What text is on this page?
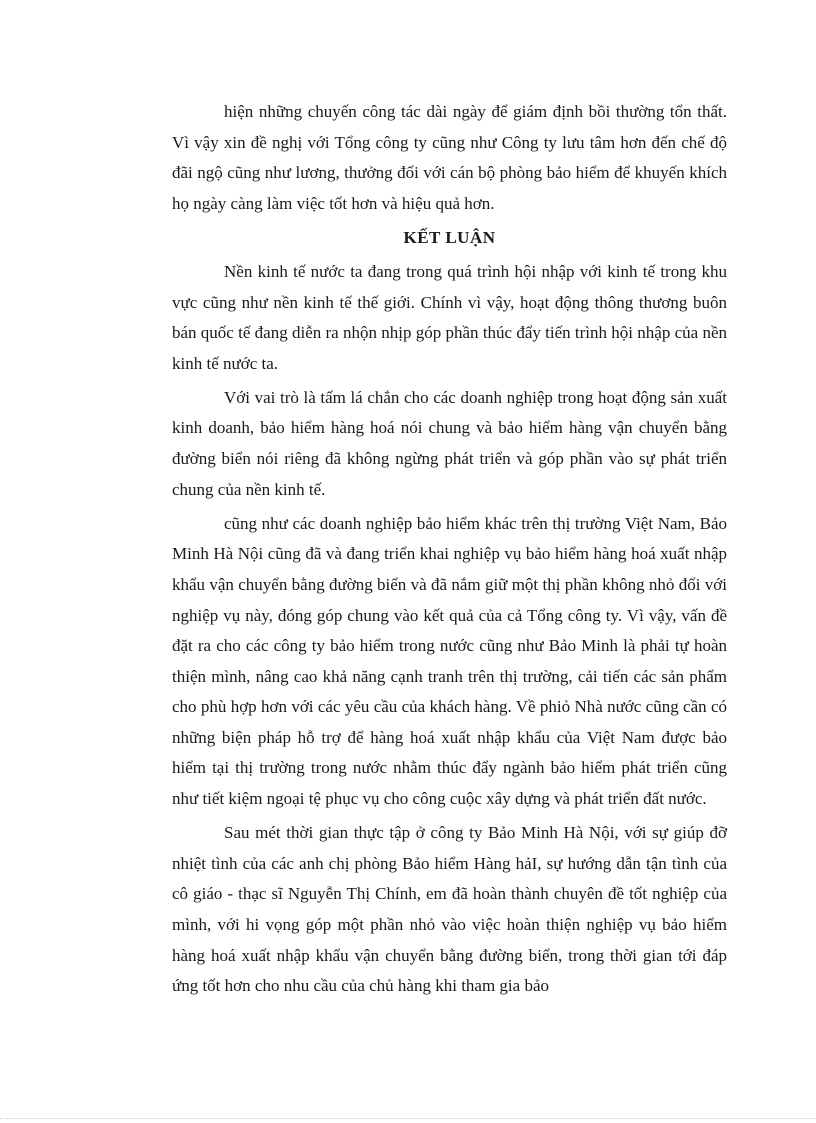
hiện những chuyến công tác dài ngày để giám định bồi thường tổn thất. Vì vậy xin đề nghị với Tổng công ty cũng như Công ty lưu tâm hơn đến chế độ đãi ngộ cũng như lương, thưởng đối với cán bộ phòng bảo hiểm để khuyến khích họ ngày càng làm việc tốt hơn và hiệu quả hơn.

KẾT LUẬN

Nền kinh tế nước ta đang trong quá trình hội nhập với kinh tế trong khu vực cũng như nền kinh tế thế giới. Chính vì vậy, hoạt động thông thương buôn bán quốc tế đang diễn ra nhộn nhịp góp phần thúc đẩy tiến trình hội nhập của nền kinh tế nước ta.

Với vai trò là tấm lá chắn cho các doanh nghiệp trong hoạt động sản xuất kinh doanh, bảo hiểm hàng hoá nói chung và bảo hiểm hàng vận chuyển bằng đường biển nói riêng đã không ngừng phát triển và góp phần vào sự phát triển chung của nền kinh tế.

cũng như các doanh nghiệp bảo hiểm khác trên thị trường Việt Nam, Bảo Minh Hà Nội cũng đã và đang triển khai nghiệp vụ bảo hiểm hàng hoá xuất nhập khẩu vận chuyển bằng đường biển và đã nắm giữ một thị phần không nhỏ đối với nghiệp vụ này, đóng góp chung vào kết quả của cả Tổng công ty. Vì vậy, vấn đề đặt ra cho các công ty bảo hiểm trong nước cũng như Bảo Minh là phải tự hoàn thiện mình, nâng cao khả năng cạnh tranh trên thị trường, cải tiến các sản phẩm cho phù hợp hơn với các yêu cầu của khách hàng. Về phiỏ Nhà nước cũng cần có những biện pháp hỗ trợ để hàng hoá xuất nhập khẩu của Việt Nam được bảo hiểm tại thị trường trong nước nhằm thúc đẩy ngành bảo hiểm phát triển cũng như tiết kiệm ngoại tệ phục vụ cho công cuộc xây dựng và phát triển đất nước.

Sau mét thời gian thực tập ở công ty Bảo Minh Hà Nội, với sự giúp đỡ nhiệt tình của các anh chị phòng Bảo hiểm Hàng hảI, sự hướng dẫn tận tình của cô giáo - thạc sĩ Nguyễn Thị Chính, em đã hoàn thành chuyên đề tốt nghiệp của mình, với hi vọng góp một phần nhỏ vào việc hoàn thiện nghiệp vụ bảo hiểm hàng hoá xuất nhập khẩu vận chuyển bằng đường biển, trong thời gian tới đáp ứng tốt hơn cho nhu cầu của chủ hàng khi tham gia bảo
